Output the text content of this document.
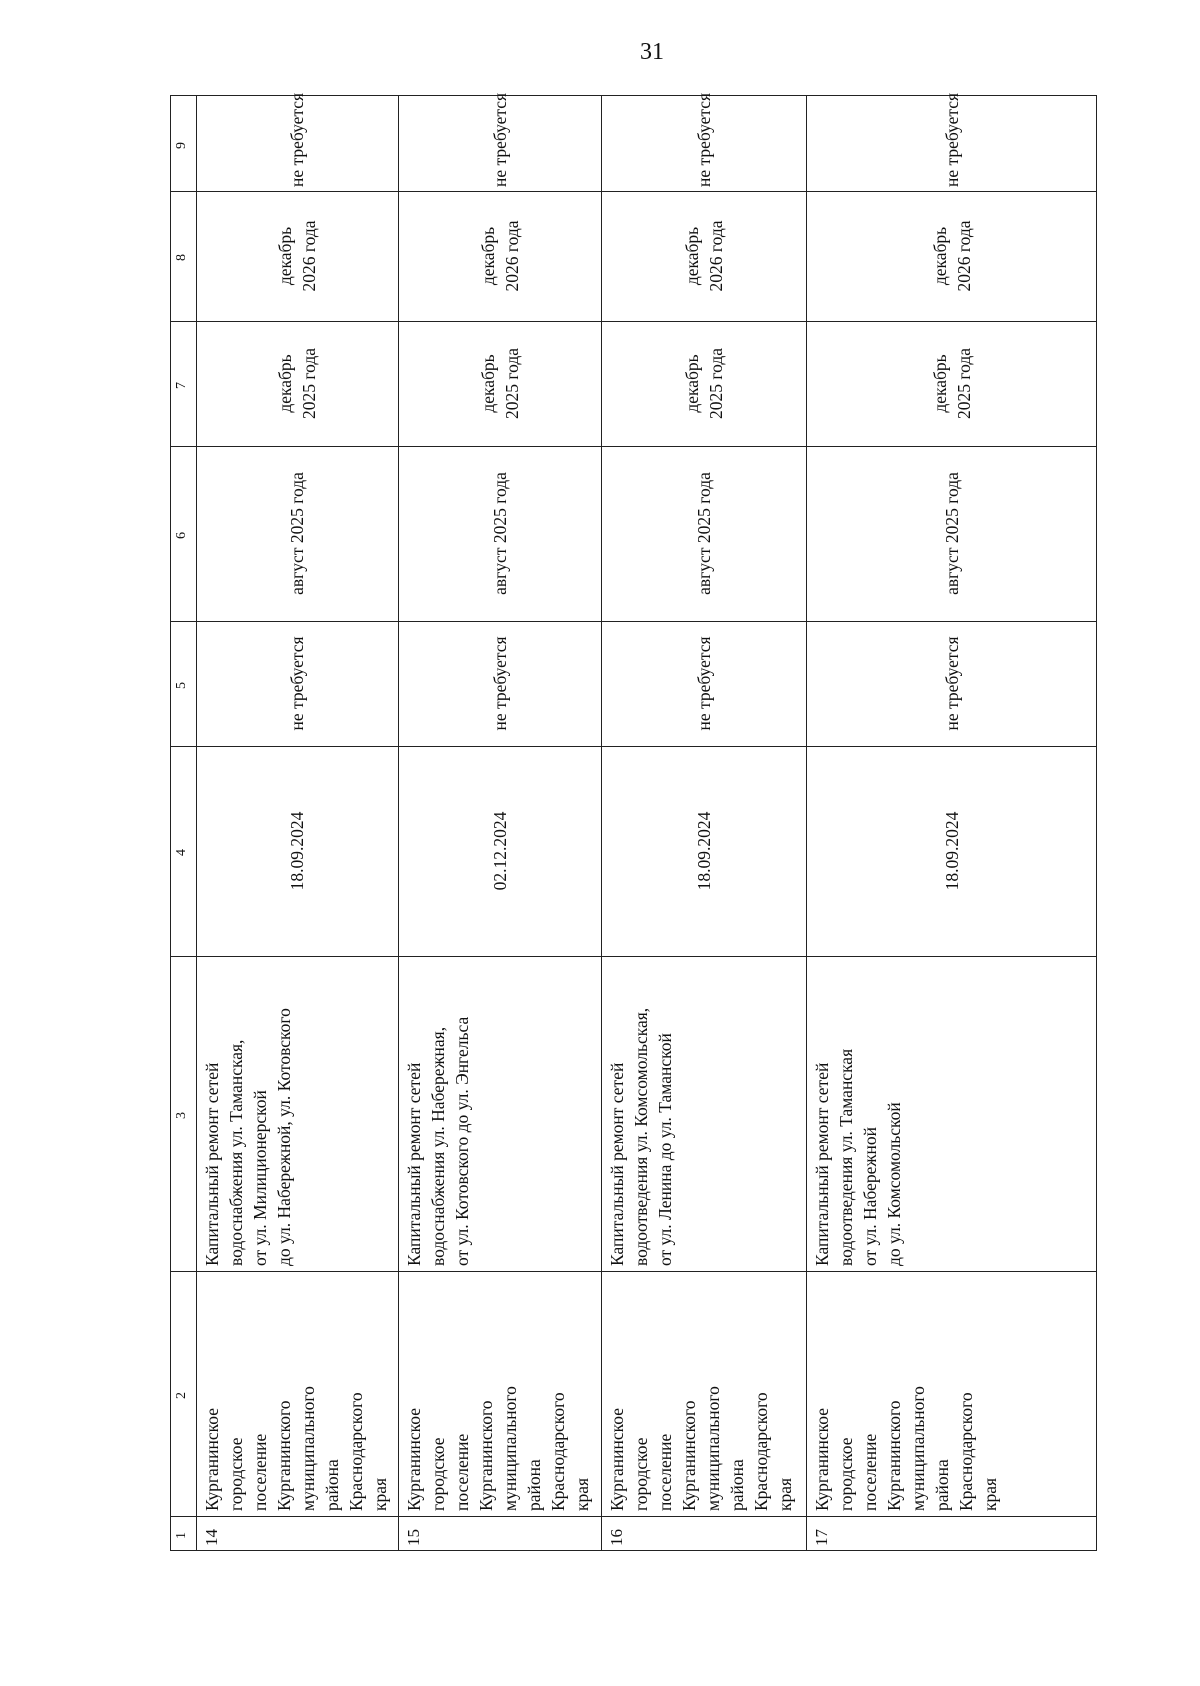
31
1
2
3
4
5
6
7
8
9
14
Курганинское
городское
поселение
Курганинского
муниципального
района
Краснодарского
края
Капитальный ремонт сетей
водоснабжения ул. Таманская,
от ул. Милиционерской
до ул. Набережной, ул. Котовского
18.09.2024
не требуется
август 2025 года
декабрь
2025 года
декабрь
2026 года
не требуется
15
Курганинское
городское
поселение
Курганинского
муниципального
района
Краснодарского
края
Капитальный ремонт сетей
водоснабжения ул. Набережная,
от ул. Котовского до ул. Энгельса
02.12.2024
не требуется
август 2025 года
декабрь
2025 года
декабрь
2026 года
не требуется
16
Курганинское
городское
поселение
Курганинского
муниципального
района
Краснодарского
края
Капитальный ремонт сетей
водоотведения ул. Комсомольская,
от ул. Ленина до ул. Таманской
18.09.2024
не требуется
август 2025 года
декабрь
2025 года
декабрь
2026 года
не требуется
17
Курганинское
городское
поселение
Курганинского
муниципального
района
Краснодарского
края
Капитальный ремонт сетей
водоотведения ул. Таманская
от ул. Набережной
до ул. Комсомольской
18.09.2024
не требуется
август 2025 года
декабрь
2025 года
декабрь
2026 года
не требуется
